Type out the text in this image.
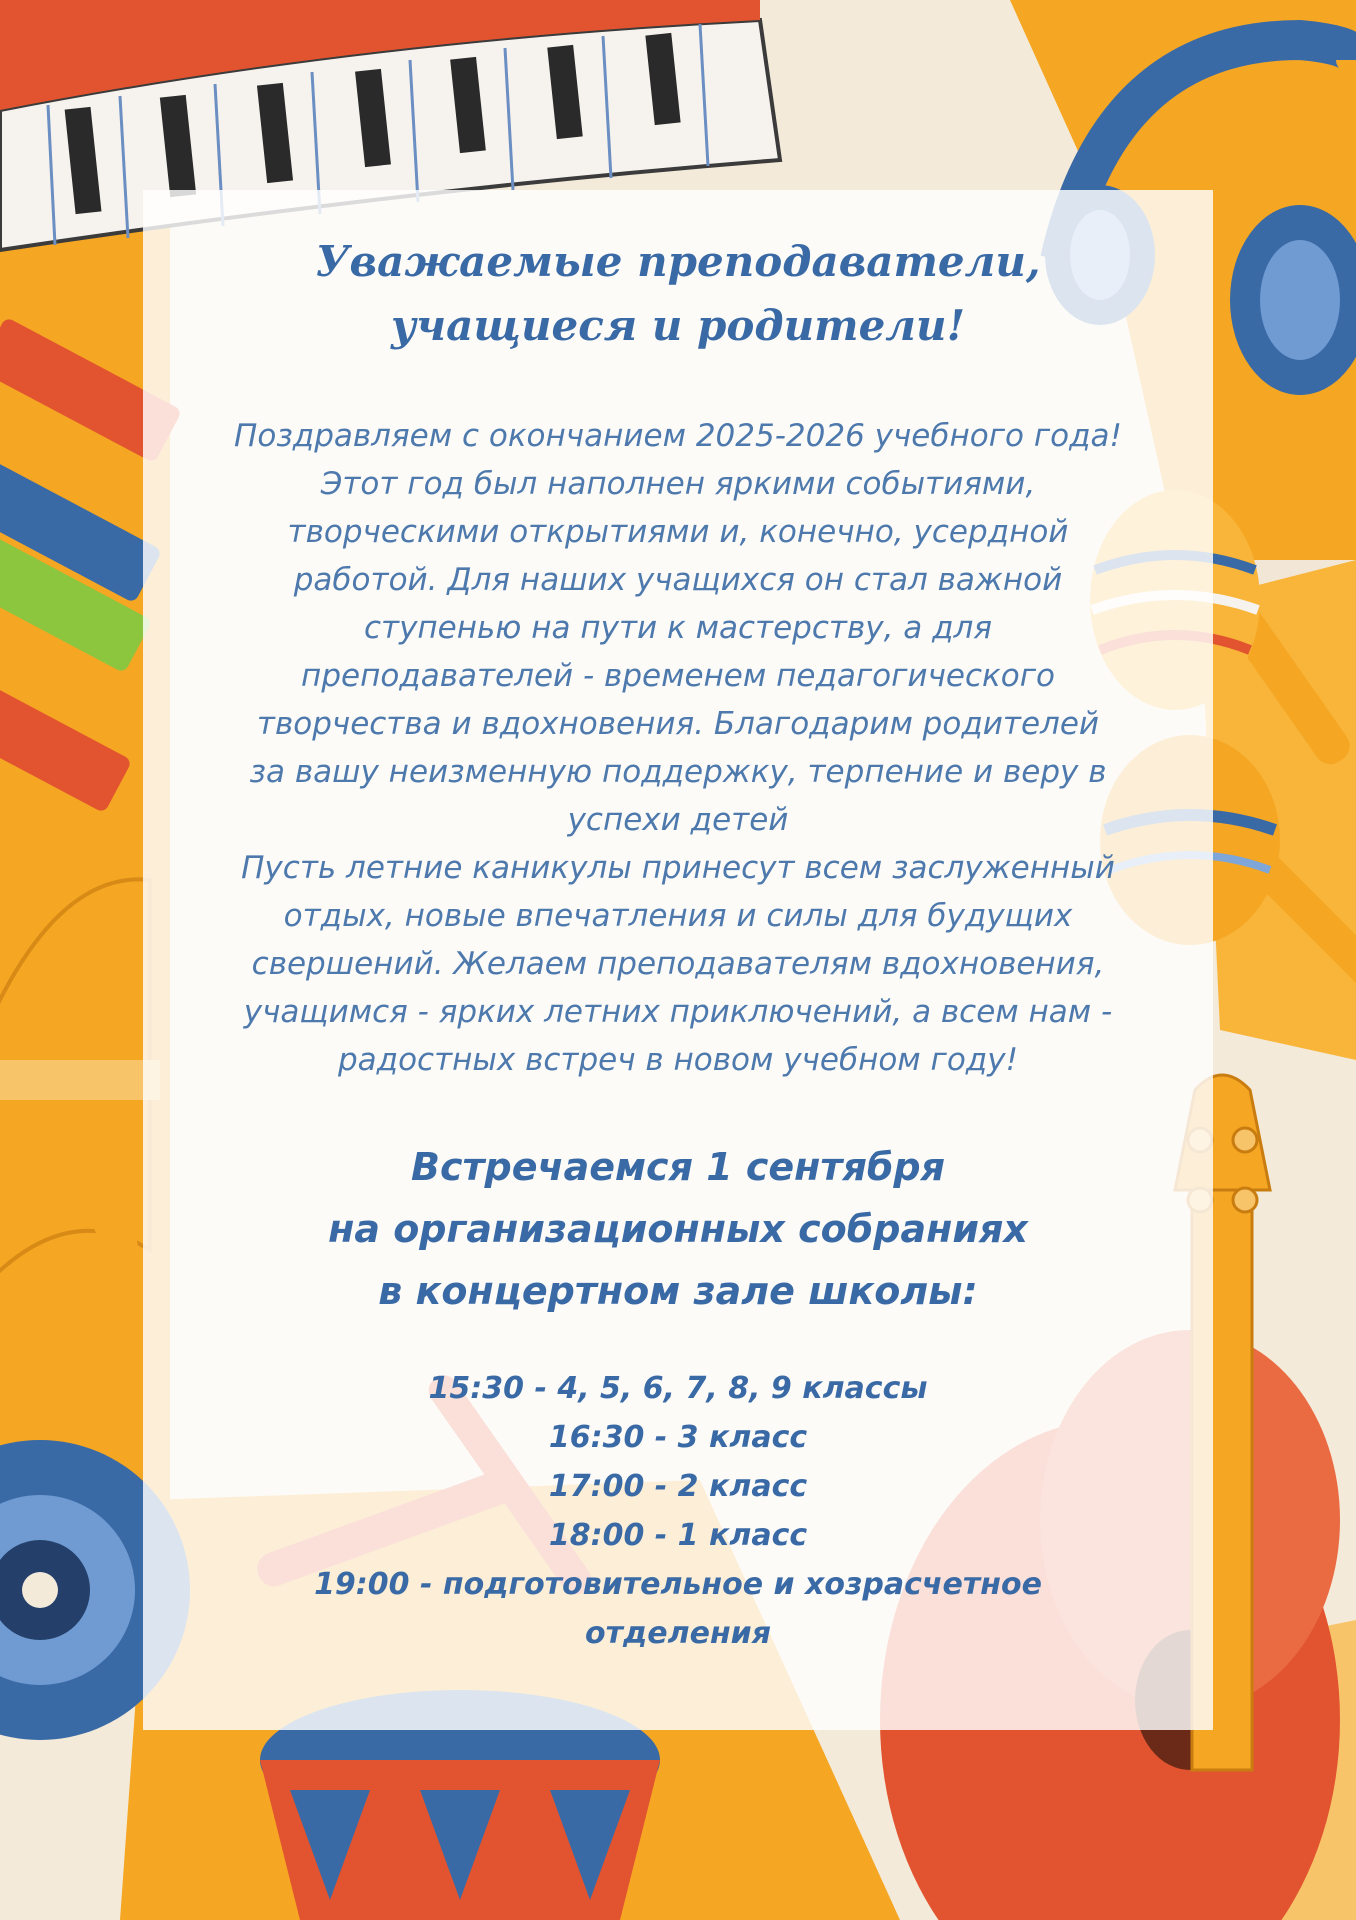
Уважаемые преподаватели,
учащиеся и родители!

Поздравляем с окончанием 2025-2026 учебного года!
Этот год был наполнен яркими событиями,
творческими открытиями и, конечно, усердной
работой. Для наших учащихся он стал важной
ступенью на пути к мастерству, а для
преподавателей - временем педагогического
творчества и вдохновения. Благодарим родителей
за вашу неизменную поддержку, терпение и веру в
успехи детей
Пусть летние каникулы принесут всем заслуженный
отдых, новые впечатления и силы для будущих
свершений. Желаем преподавателям вдохновения,
учащимся - ярких летних приключений, а всем нам -
радостных встреч в новом учебном году!

Встречаемся 1 сентября
на организационных собраниях
в концертном зале школы:
15:30 - 4, 5, 6, 7, 8, 9 классы
16:30 - 3 класс
17:00 - 2 класс
18:00 - 1 класс
19:00 - подготовительное и хозрасчетное
отделения
